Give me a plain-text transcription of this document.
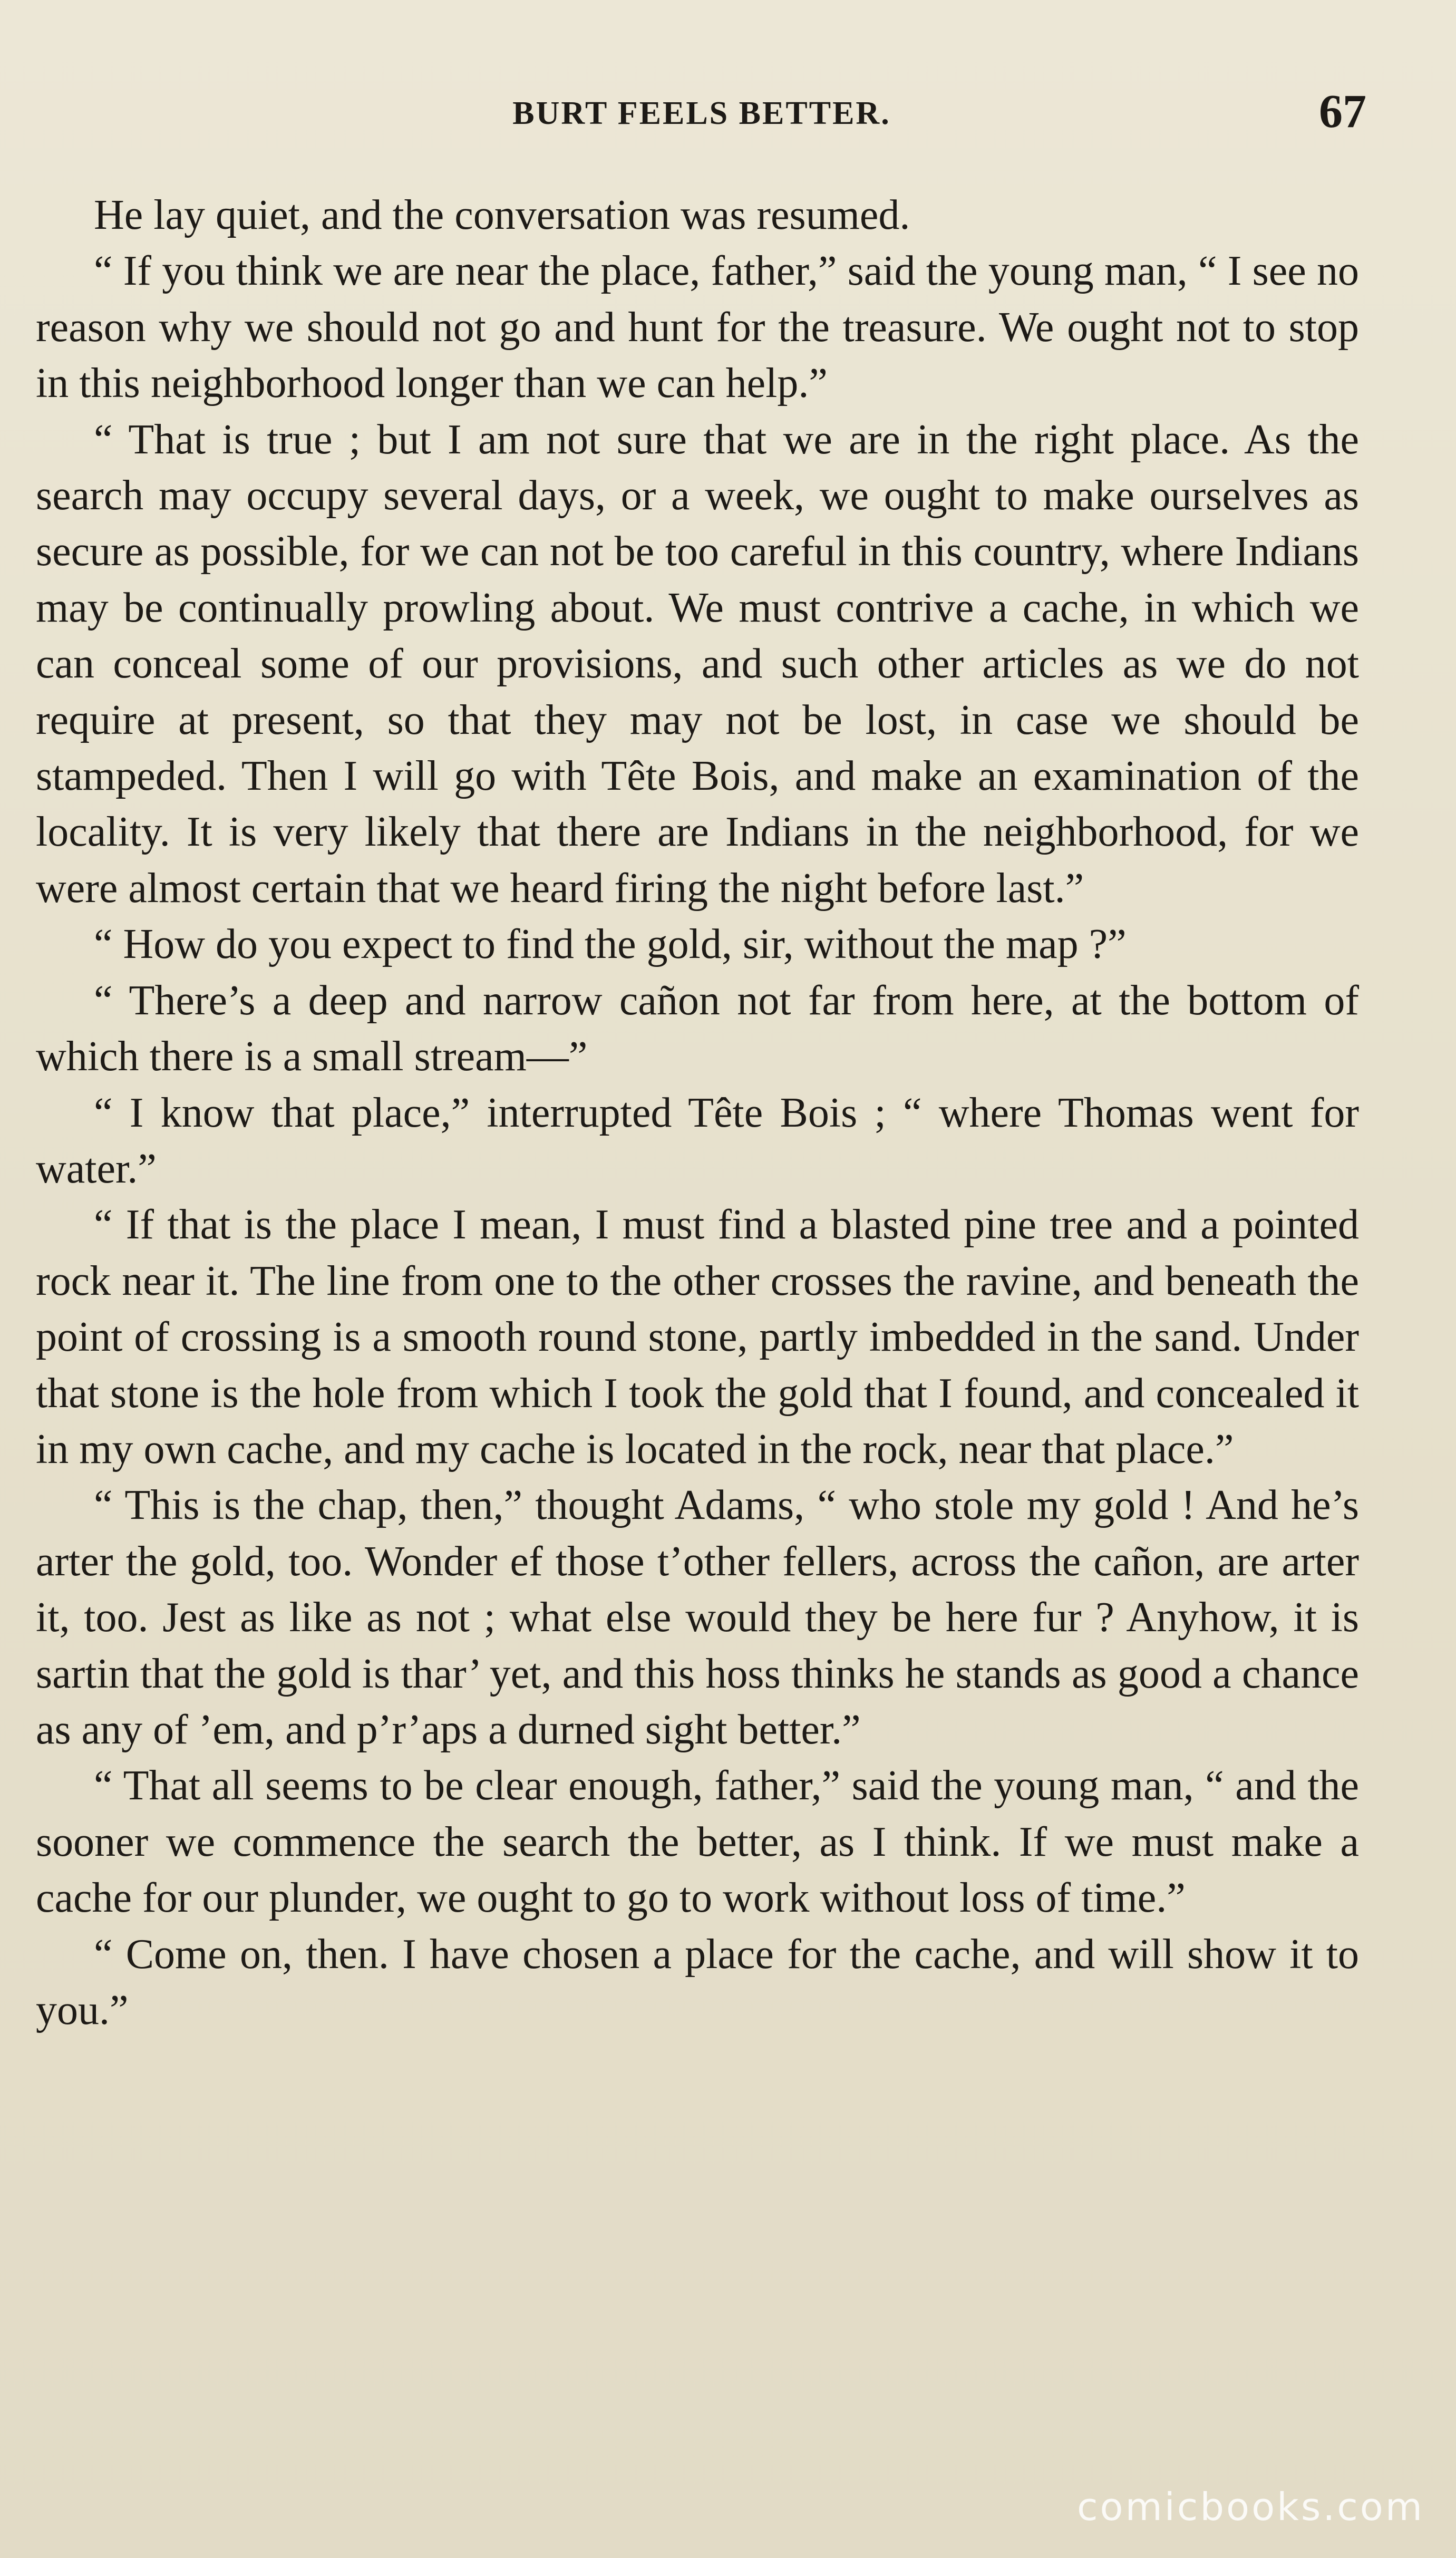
BURT FEELS BETTER.	67

He lay quiet, and the conversation was resumed.

“ If you think we are near the place, father,” said the young man, “ I see no reason why we should not go and hunt for the treasure. We ought not to stop in this neighborhood longer than we can help.”

“ That is true ; but I am not sure that we are in the right place. As the search may occupy several days, or a week, we ought to make ourselves as secure as possible, for we can not be too careful in this country, where Indians may be continually prowling about. We must contrive a cache, in which we can conceal some of our provisions, and such other articles as we do not require at present, so that they may not be lost, in case we should be stampeded. Then I will go with Tête Bois, and make an examination of the locality. It is very likely that there are Indians in the neighborhood, for we were almost certain that we heard firing the night before last.”

“ How do you expect to find the gold, sir, without the map ?”

“ There’s a deep and narrow cañon not far from here, at the bottom of which there is a small stream—”

“ I know that place,” interrupted Tête Bois ; “ where Thomas went for water.”

“ If that is the place I mean, I must find a blasted pine tree and a pointed rock near it. The line from one to the other crosses the ravine, and beneath the point of crossing is a smooth round stone, partly imbedded in the sand. Under that stone is the hole from which I took the gold that I found, and concealed it in my own cache, and my cache is located in the rock, near that place.”

“ This is the chap, then,” thought Adams, “ who stole my gold ! And he’s arter the gold, too. Wonder ef those t’other fellers, across the cañon, are arter it, too. Jest as like as not ; what else would they be here fur ? Anyhow, it is sartin that the gold is thar’ yet, and this hoss thinks he stands as good a chance as any of ’em, and p’r’aps a durned sight better.”

“ That all seems to be clear enough, father,” said the young man, “ and the sooner we commence the search the better, as I think. If we must make a cache for our plunder, we ought to go to work without loss of time.”

“ Come on, then. I have chosen a place for the cache, and will show it to you.”

comicbooks.com
